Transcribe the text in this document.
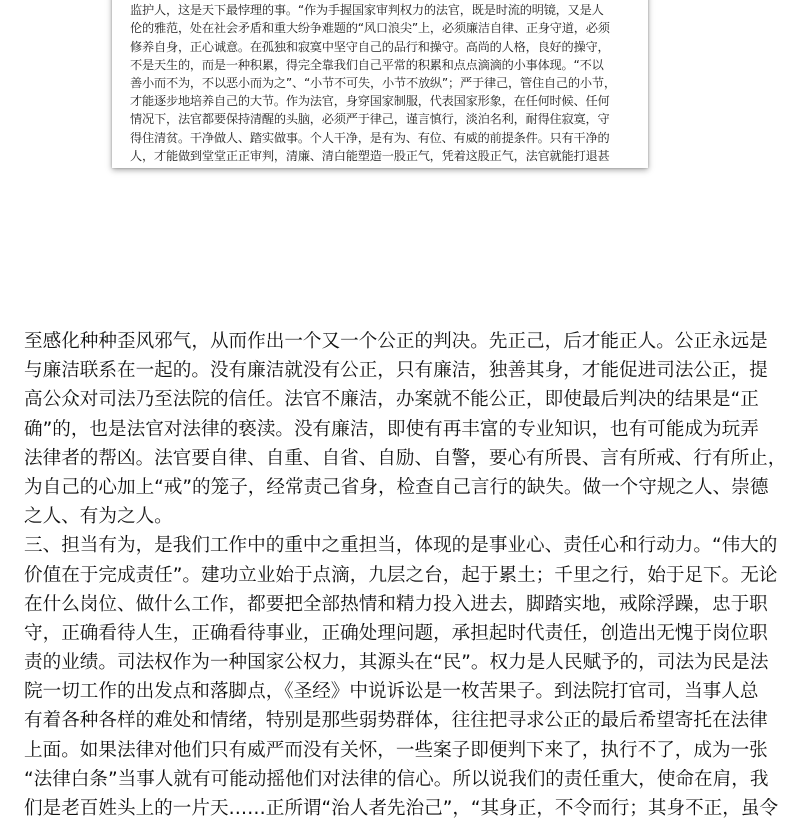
监护人，这是天下最悖理的事。“作为手握国家审判权力的法官，既是时流的明镜，又是人
伦的雅范，处在社会矛盾和重大纷争难题的“风口浪尖”上，必须廉洁自律、正身守道，必须
修养自身，正心诚意。在孤独和寂寞中坚守自己的品行和操守。高尚的人格，良好的操守，
不是天生的，而是一种积累，得完全靠我们自己平常的积累和点点滴滴的小事体现。“不以
善小而不为，不以恶小而为之”、“小节不可失，小节不放纵”；严于律己，管住自己的小节，
才能逐步地培养自己的大节。作为法官，身穿国家制服，代表国家形象，在任何时候、任何
情况下，法官都要保持清醒的头脑，必须严于律己，谨言慎行，淡泊名利，耐得住寂寞，守
得住清贫。干净做人、踏实做事。个人干净，是有为、有位、有威的前提条件。只有干净的
人，才能做到堂堂正正审判，清廉、清白能塑造一股正气，凭着这股正气，法官就能打退甚
至感化种种歪风邪气，从而作出一个又一个公正的判决。先正己，后才能正人。公正永远是
与廉洁联系在一起的。没有廉洁就没有公正，只有廉洁，独善其身，才能促进司法公正，提
高公众对司法乃至法院的信任。法官不廉洁，办案就不能公正，即使最后判决的结果是“正
确”的，也是法官对法律的亵渎。没有廉洁，即使有再丰富的专业知识，也有可能成为玩弄
法律者的帮凶。法官要自律、自重、自省、自励、自警，要心有所畏、言有所戒、行有所止，
为自己的心加上“戒”的笼子，经常责己省身，检查自己言行的缺失。做一个守规之人、崇德
之人、有为之人。
三、担当有为，是我们工作中的重中之重担当，体现的是事业心、责任心和行动力。“伟大的
价值在于完成责任”。建功立业始于点滴，九层之台，起于累土；千里之行，始于足下。无论
在什么岗位、做什么工作，都要把全部热情和精力投入进去，脚踏实地，戒除浮躁，忠于职
守，正确看待人生，正确看待事业，正确处理问题，承担起时代责任，创造出无愧于岗位职
责的业绩。司法权作为一种国家公权力，其源头在“民”。权力是人民赋予的，司法为民是法
院一切工作的出发点和落脚点，《圣经》中说诉讼是一枚苦果子。到法院打官司，当事人总
有着各种各样的难处和情绪，特别是那些弱势群体，往往把寻求公正的最后希望寄托在法律
上面。如果法律对他们只有威严而没有关怀，一些案子即便判下来了，执行不了，成为一张
“法律白条”当事人就有可能动摇他们对法律的信心。所以说我们的责任重大，使命在肩，我
们是老百姓头上的一片天……正所谓“治人者先治己”，“其身正，不令而行；其身不正，虽令
